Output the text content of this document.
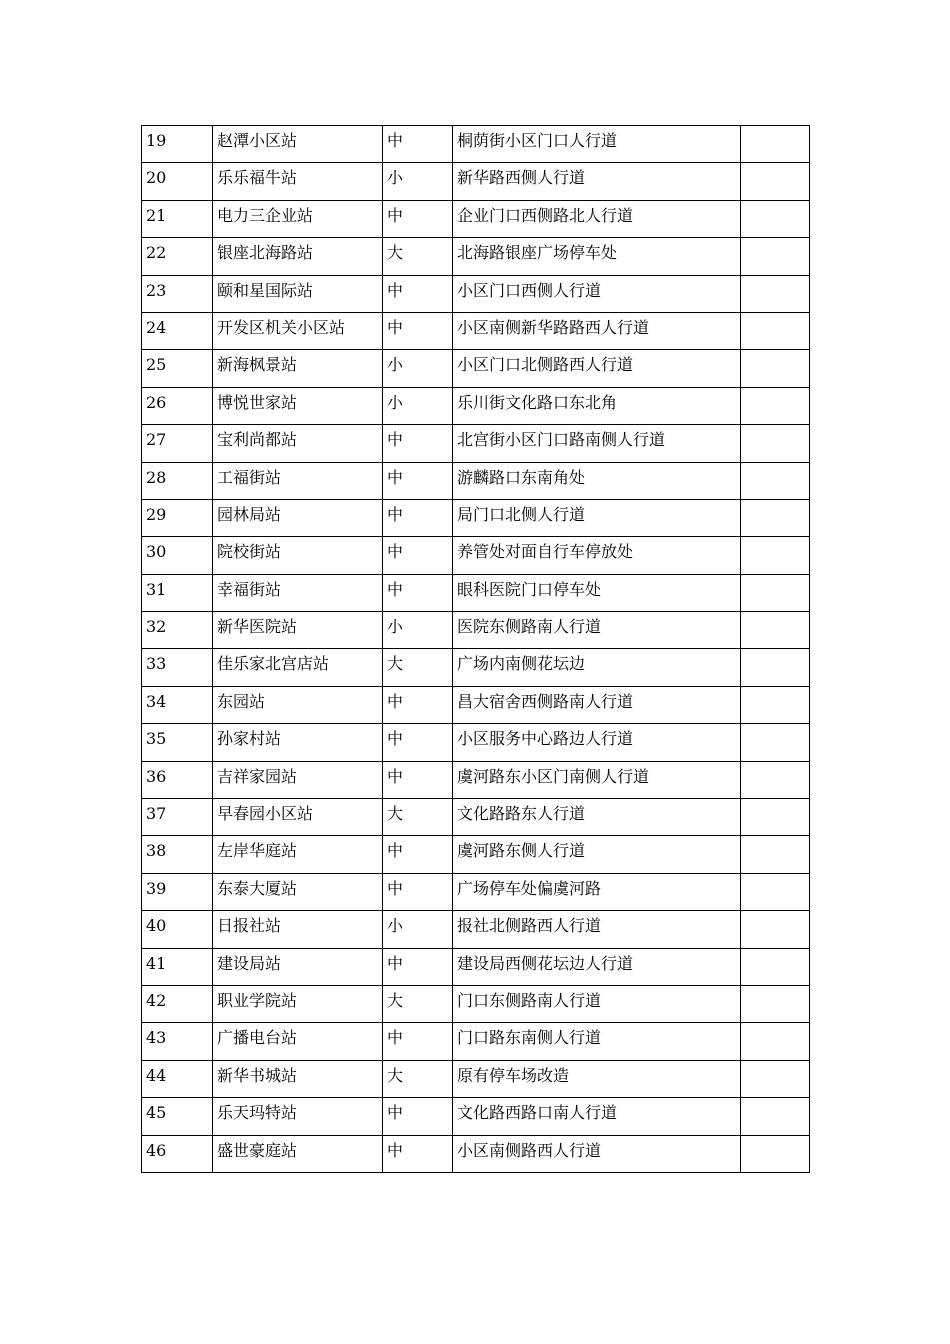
19	赵潭小区站	中	桐荫街小区门口人行道	
20	乐乐福牛站	小	新华路西侧人行道	
21	电力三企业站	中	企业门口西侧路北人行道	
22	银座北海路站	大	北海路银座广场停车处	
23	颐和星国际站	中	小区门口西侧人行道	
24	开发区机关小区站	中	小区南侧新华路路西人行道	
25	新海枫景站	小	小区门口北侧路西人行道	
26	博悦世家站	小	乐川街文化路口东北角	
27	宝利尚都站	中	北宫街小区门口路南侧人行道	
28	工福街站	中	游麟路口东南角处	
29	园林局站	中	局门口北侧人行道	
30	院校街站	中	养管处对面自行车停放处	
31	幸福街站	中	眼科医院门口停车处	
32	新华医院站	小	医院东侧路南人行道	
33	佳乐家北宫店站	大	广场内南侧花坛边	
34	东园站	中	昌大宿舍西侧路南人行道	
35	孙家村站	中	小区服务中心路边人行道	
36	吉祥家园站	中	虞河路东小区门南侧人行道	
37	早春园小区站	大	文化路路东人行道	
38	左岸华庭站	中	虞河路东侧人行道	
39	东泰大厦站	中	广场停车处偏虞河路	
40	日报社站	小	报社北侧路西人行道	
41	建设局站	中	建设局西侧花坛边人行道	
42	职业学院站	大	门口东侧路南人行道	
43	广播电台站	中	门口路东南侧人行道	
44	新华书城站	大	原有停车场改造	
45	乐天玛特站	中	文化路西路口南人行道	
46	盛世豪庭站	中	小区南侧路西人行道	
